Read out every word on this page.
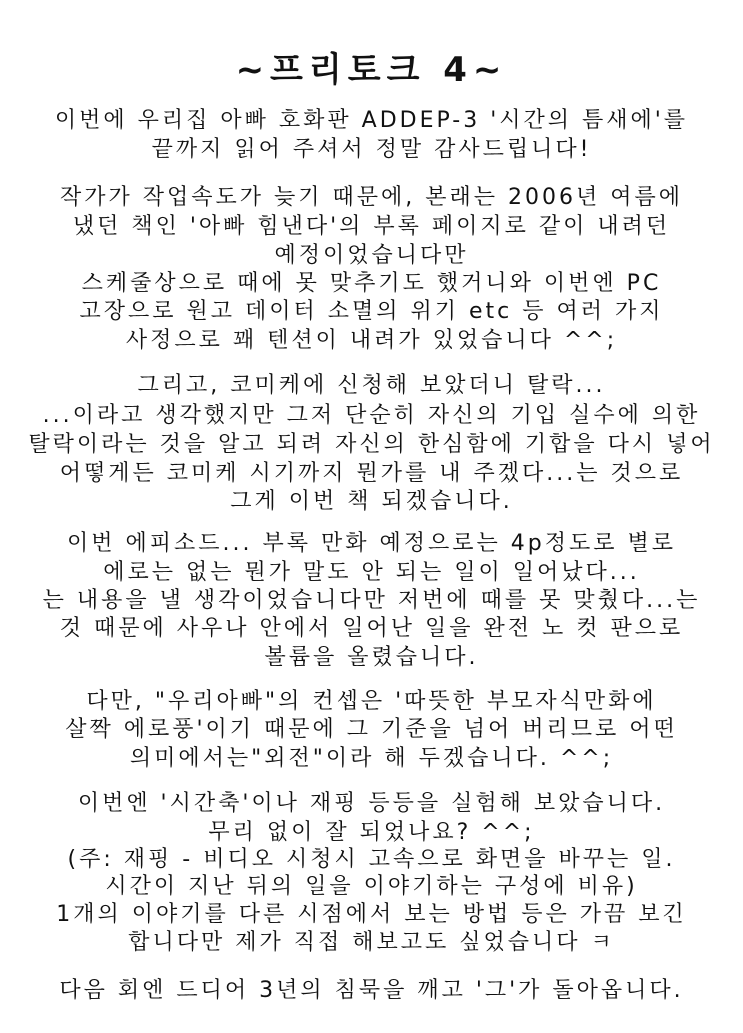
~프리토크 4~
이번에 우리집 아빠 호화판 ADDEP-3 '시간의 틈새에'를
끝까지 읽어 주셔서 정말 감사드립니다!
작가가 작업속도가 늦기 때문에, 본래는 2006년 여름에
냈던 책인 '아빠 힘낸다'의 부록 페이지로 같이 내려던
예정이었습니다만
스케줄상으로 때에 못 맞추기도 했거니와 이번엔 PC
고장으로 원고 데이터 소멸의 위기 etc 등 여러 가지
사정으로 꽤 텐션이 내려가 있었습니다 ^^;
그리고, 코미케에 신청해 보았더니 탈락...
...이라고 생각했지만 그저 단순히 자신의 기입 실수에 의한
탈락이라는 것을 알고 되려 자신의 한심함에 기합을 다시 넣어
어떻게든 코미케 시기까지 뭔가를 내 주겠다...는 것으로
그게 이번 책 되겠습니다.
이번 에피소드... 부록 만화 예정으로는 4p정도로 별로
에로는 없는 뭔가 말도 안 되는 일이 일어났다...
는 내용을 낼 생각이었습니다만 저번에 때를 못 맞췄다...는
것 때문에 사우나 안에서 일어난 일을 완전 노 컷 판으로
볼륨을 올렸습니다.
다만, "우리아빠"의 컨셉은 '따뜻한 부모자식만화에
살짝 에로풍'이기 때문에 그 기준을 넘어 버리므로 어떤
의미에서는"외전"이라 해 두겠습니다. ^^;
이번엔 '시간축'이나 재핑 등등을 실험해 보았습니다.
무리 없이 잘 되었나요? ^^;
(주: 재핑 - 비디오 시청시 고속으로 화면을 바꾸는 일.
시간이 지난 뒤의 일을 이야기하는 구성에 비유)
1개의 이야기를 다른 시점에서 보는 방법 등은 가끔 보긴
합니다만 제가 직접 해보고도 싶었습니다 ㅋ
다음 회엔 드디어 3년의 침묵을 깨고 '그'가 돌아옵니다.
